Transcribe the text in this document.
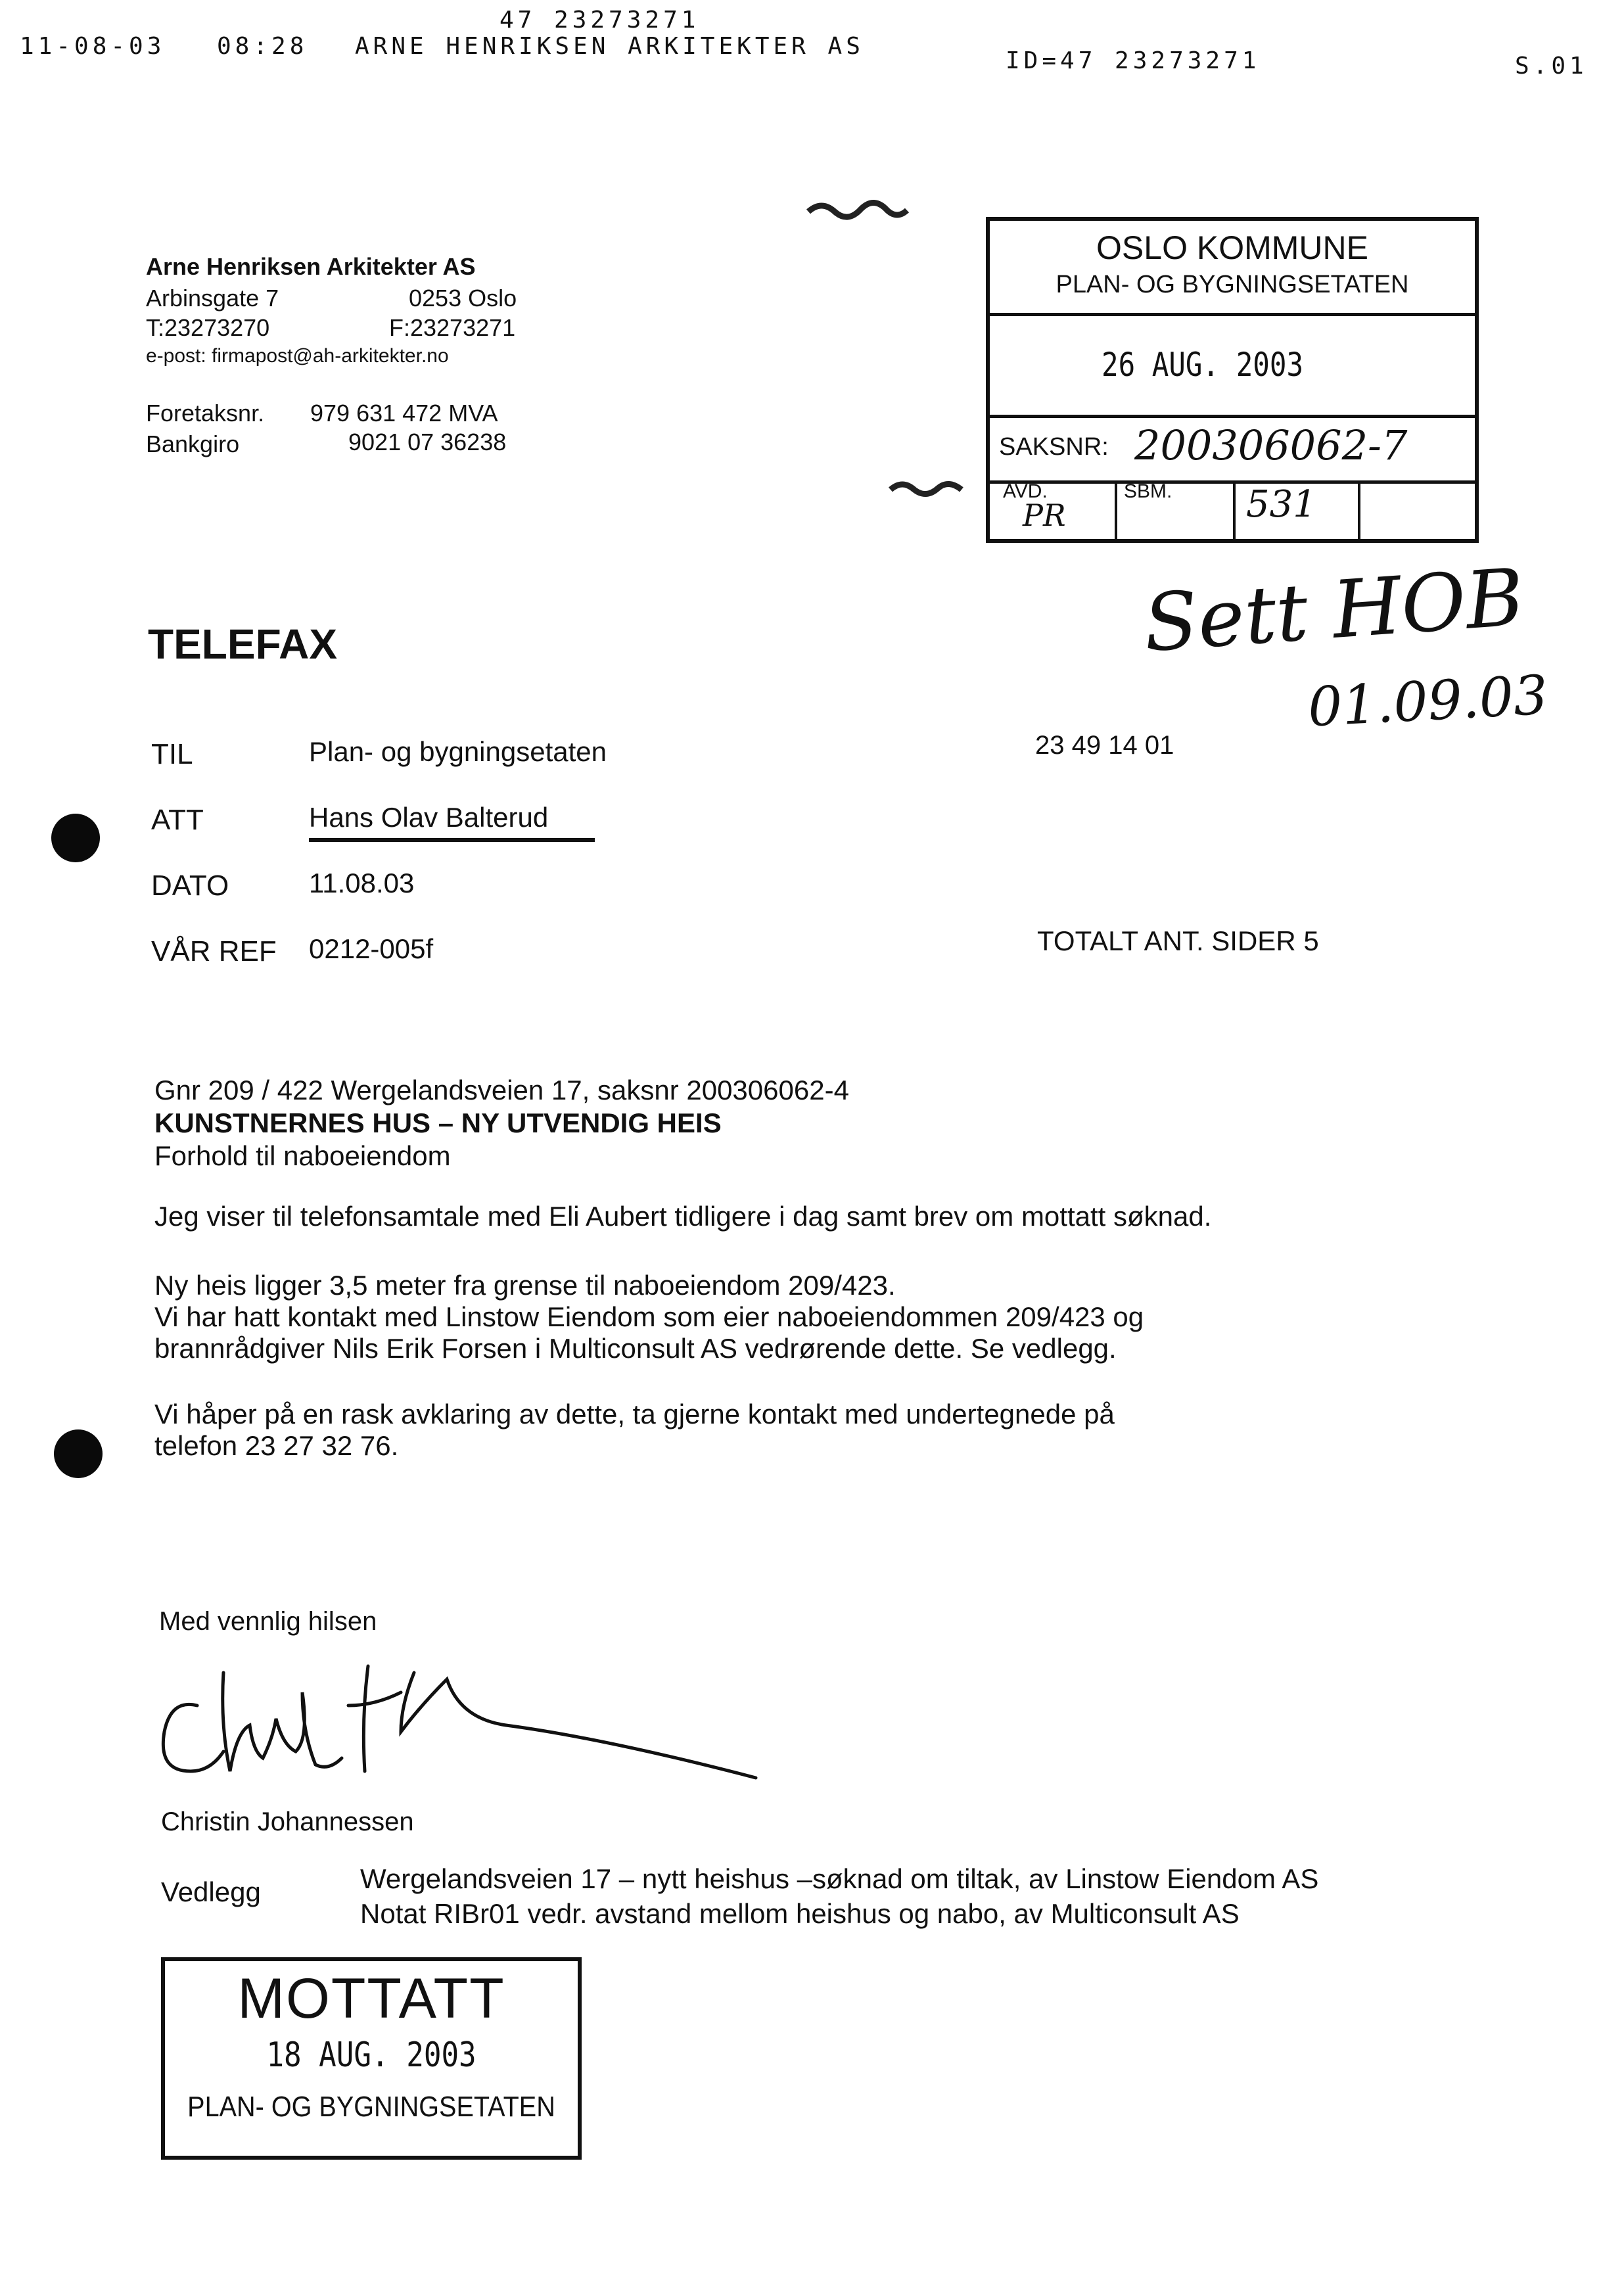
47 23273271
11-08-03 08:28 ARNE HENRIKSEN ARKITEKTER AS
ID=47 23273271	S.01
Arne Henriksen Arkitekter AS
Arbinsgate 7	0253 Oslo
T:23273270	F:23273271
e-post: firmapost@ah-arkitekter.no
Foretaksnr. 979 631 472 MVA
Bankgiro	9021 07 36238
OSLO KOMMUNE
PLAN- OG BYGNINGSETATEN
26 AUG. 2003
SAKSNR: 200306062-7
AVD.
PR
SBM. 531
Sett HOB
01.09.03
TELEFAX
TIL	Plan- og bygningsetaten	23 49 14 01
ATT	Hans Olav Balterud
DATO	11.08.03
VÅR REF 0212-005f	TOTALT ANT. SIDER 5
Gnr 209 / 422 Wergelandsveien 17, saksnr 200306062-4
KUNSTNERNES HUS – NY UTVENDIG HEIS
Forhold til naboeiendom
Jeg viser til telefonsamtale med Eli Aubert tidligere i dag samt brev om mottatt søknad.
Ny heis ligger 3,5 meter fra grense til naboeiendom 209/423.
Vi har hatt kontakt med Linstow Eiendom som eier naboeiendommen 209/423 og
brannrådgiver Nils Erik Forsen i Multiconsult AS vedrørende dette. Se vedlegg.
Vi håper på en rask avklaring av dette, ta gjerne kontakt med undertegnede på
telefon 23 27 32 76.
Med vennlig hilsen
Christin Johannessen
Vedlegg	Wergelandsveien 17 – nytt heishus –søknad om tiltak, av Linstow Eiendom AS
Notat RIBr01 vedr. avstand mellom heishus og nabo, av Multiconsult AS
MOTTATT
18 AUG. 2003
PLAN- OG BYGNINGSETATEN
